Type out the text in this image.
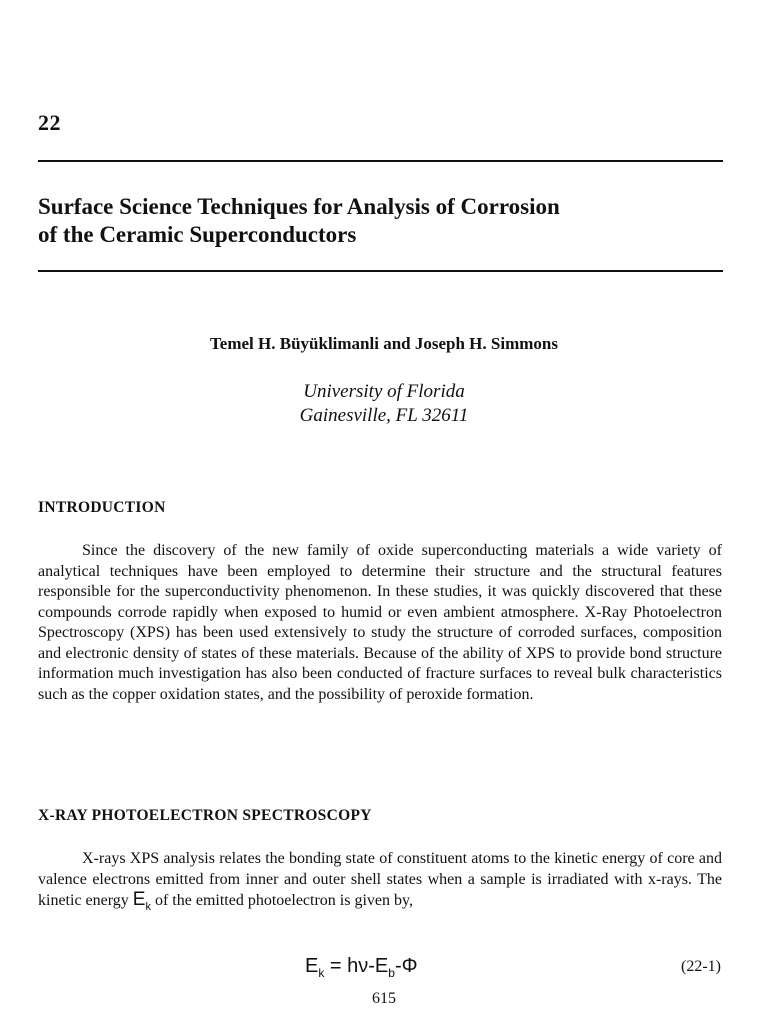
22
Surface Science Techniques for Analysis of Corrosion
of the Ceramic Superconductors

Temel H. Büyüklimanli and Joseph H. Simmons

University of Florida
Gainesville, FL 32611
INTRODUCTION

Since the discovery of the new family of oxide superconducting materials a wide variety of analytical techniques have been employed to determine their structure and the structural features responsible for the superconductivity phenomenon. In these studies, it was quickly discovered that these compounds corrode rapidly when exposed to humid or even ambient atmosphere. X-Ray Photoelectron Spectroscopy (XPS) has been used extensively to study the structure of corroded surfaces, composition and electronic density of states of these materials. Because of the ability of XPS to provide bond structure information much investigation has also been conducted of fracture surfaces to reveal bulk characteristics such as the copper oxidation states, and the possibility of peroxide formation.

X-RAY PHOTOELECTRON SPECTROSCOPY

X-rays XPS analysis relates the bonding state of constituent atoms to the kinetic energy of core and valence electrons emitted from inner and outer shell states when a sample is irradiated with x-rays. The kinetic energy $E_k$ of the emitted photoelectron is given by,

$E_k = h\nu-E_b-\Phi$	(22-1)
615
